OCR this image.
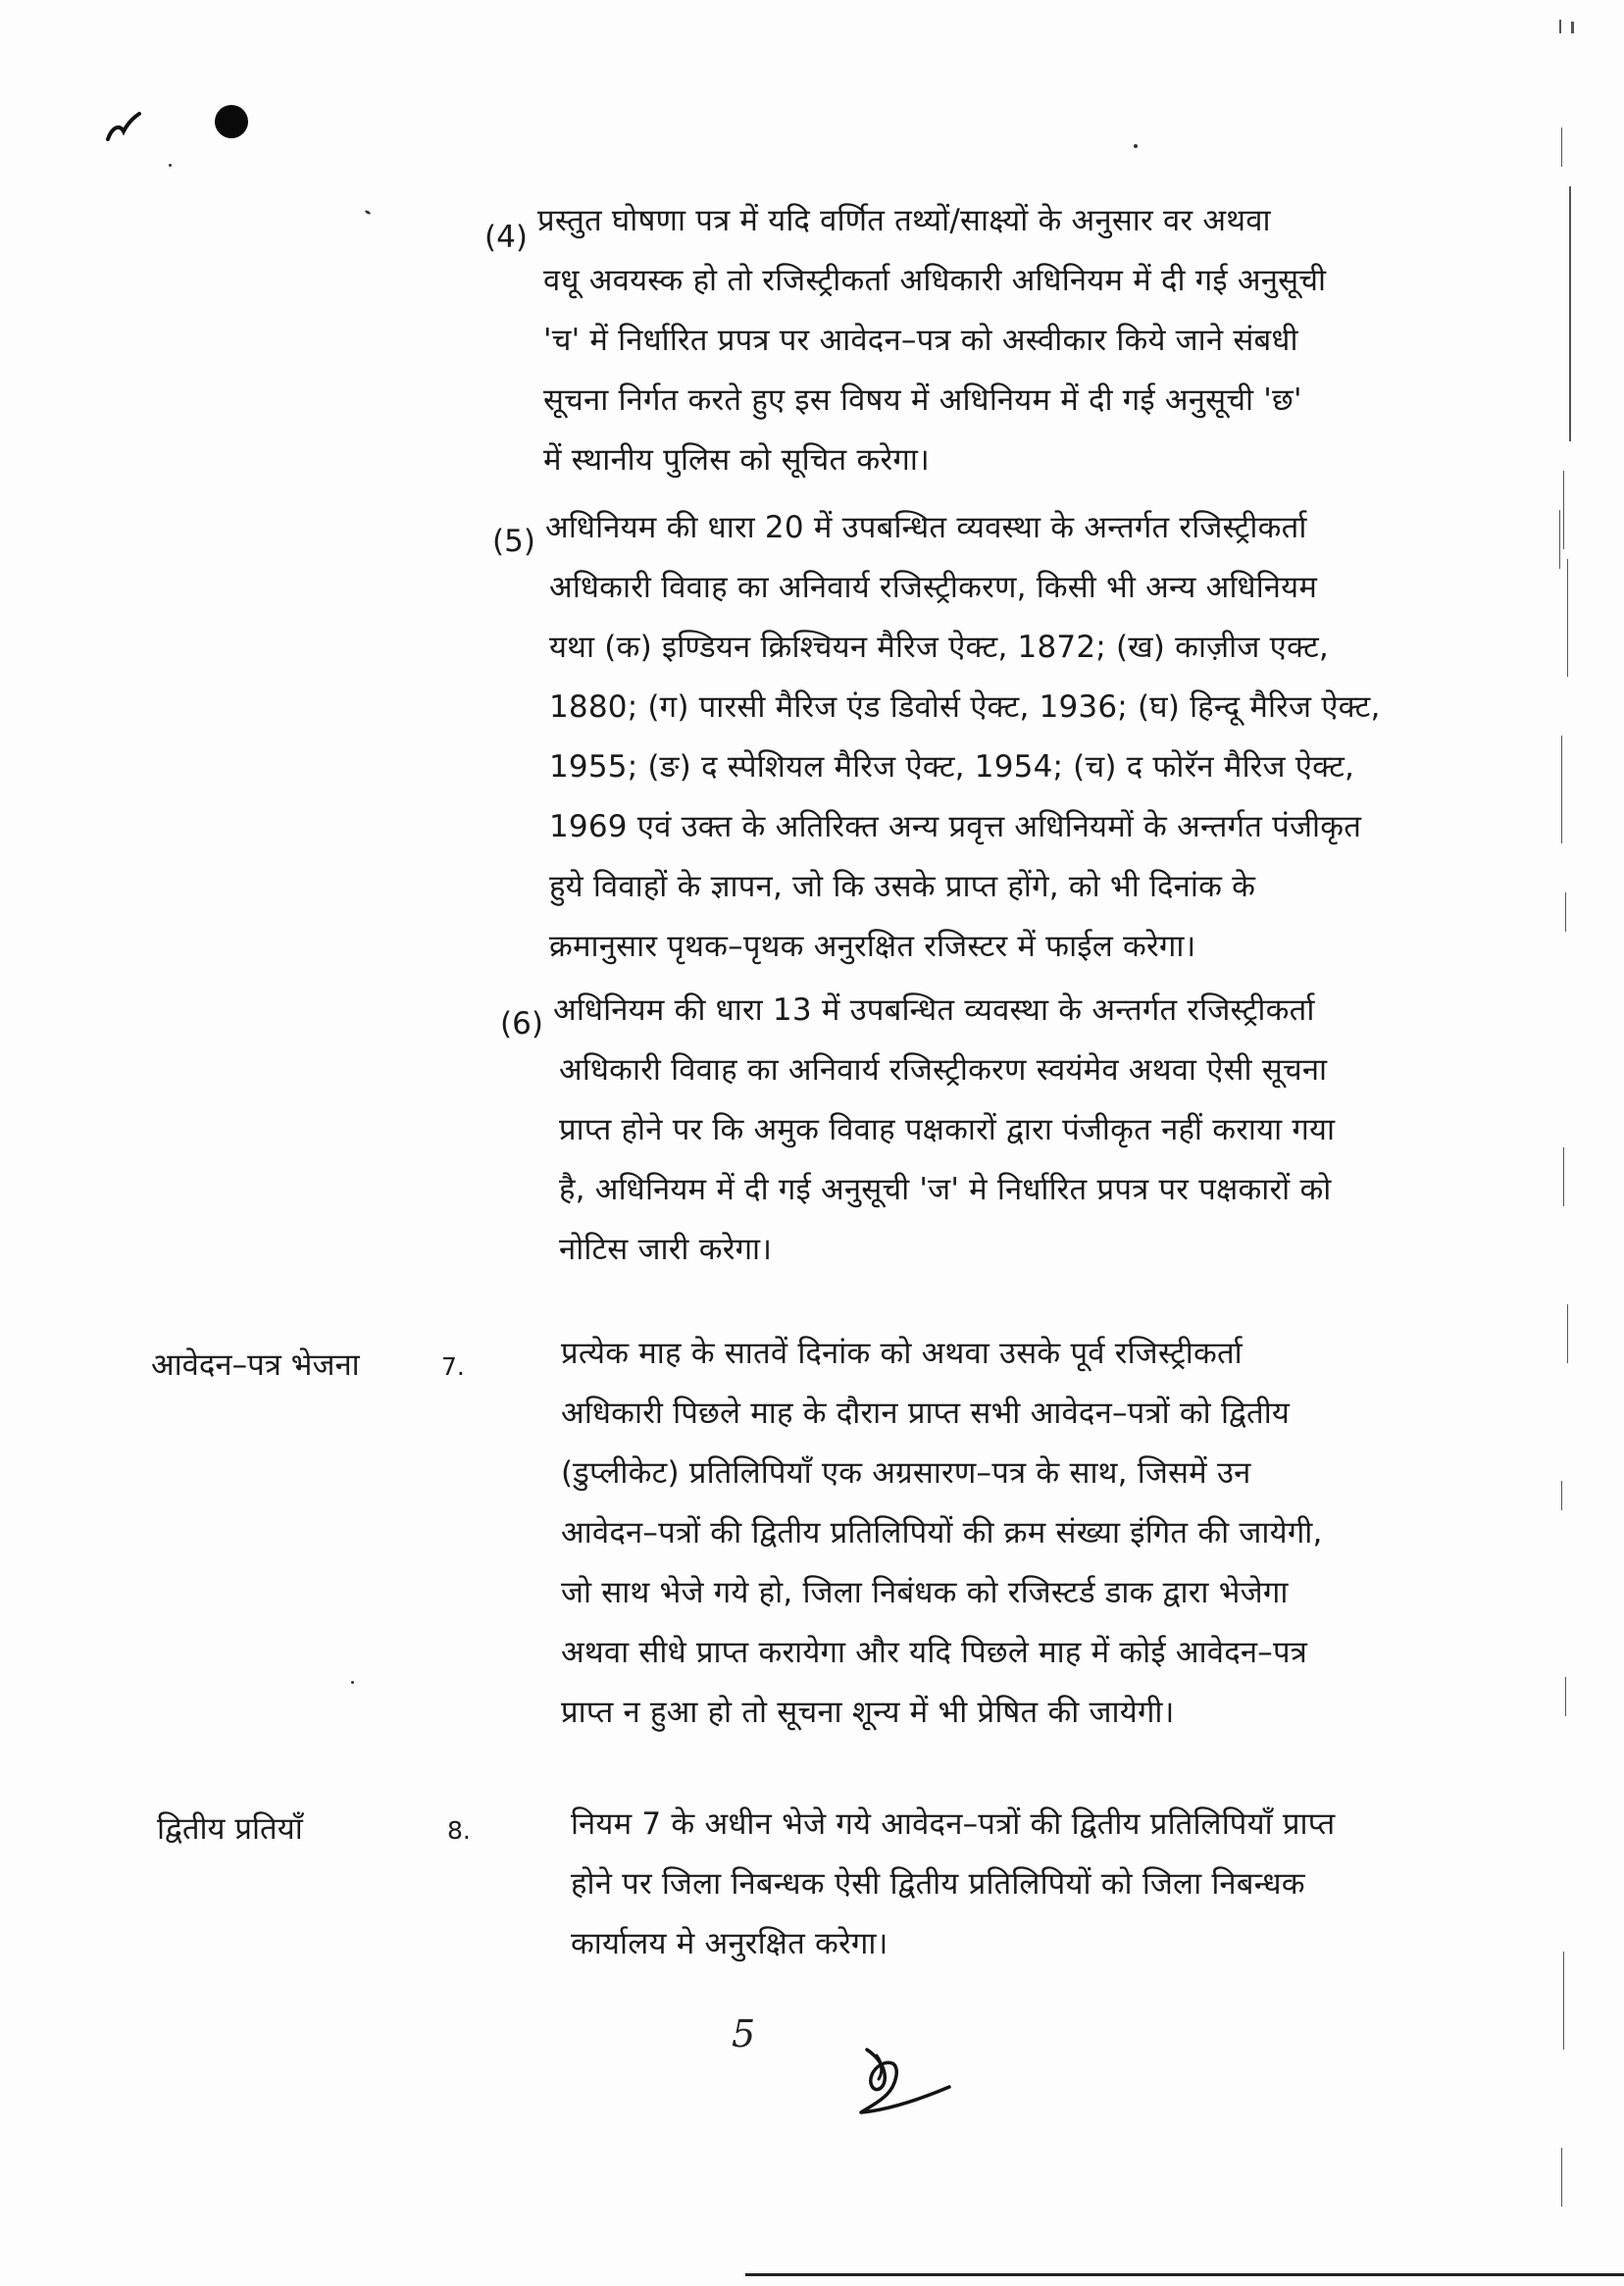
(4) प्रस्तुत घोषणा पत्र में यदि वर्णित तथ्यों/साक्ष्यों के अनुसार वर अथवा

वधू अवयस्क हो तो रजिस्ट्रीकर्ता अधिकारी अधिनियम में दी गई अनुसूची

'च' में निर्धारित प्रपत्र पर आवेदन–पत्र को अस्वीकार किये जाने संबधी

सूचना निर्गत करते हुए इस विषय में अधिनियम में दी गई अनुसूची 'छ'

में स्थानीय पुलिस को सूचित करेगा।

(5) अधिनियम की धारा 20 में उपबन्धित व्यवस्था के अन्तर्गत रजिस्ट्रीकर्ता

अधिकारी विवाह का अनिवार्य रजिस्ट्रीकरण, किसी भी अन्य अधिनियम

यथा (क) इण्डियन क्रिश्चियन मैरिज ऐक्ट, 1872; (ख) काज़ीज एक्ट,

1880; (ग) पारसी मैरिज एंड डिवोर्स ऐक्ट, 1936; (घ) हिन्दू मैरिज ऐक्ट,

1955; (ङ) द स्पेशियल मैरिज ऐक्ट, 1954; (च) द फोरॅन मैरिज ऐक्ट,

1969 एवं उक्त के अतिरिक्त अन्य प्रवृत्त अधिनियमों के अन्तर्गत पंजीकृत

हुये विवाहों के ज्ञापन, जो कि उसके प्राप्त होंगे, को भी दिनांक के

क्रमानुसार पृथक–पृथक अनुरक्षित रजिस्टर में फाईल करेगा।

(6) अधिनियम की धारा 13 में उपबन्धित व्यवस्था के अन्तर्गत रजिस्ट्रीकर्ता

अधिकारी विवाह का अनिवार्य रजिस्ट्रीकरण स्वयंमेव अथवा ऐसी सूचना

प्राप्त होने पर कि अमुक विवाह पक्षकारों द्वारा पंजीकृत नहीं कराया गया

है, अधिनियम में दी गई अनुसूची 'ज' मे निर्धारित प्रपत्र पर पक्षकारों को

नोटिस जारी करेगा।

आवेदन–पत्र भेजना	7.	प्रत्येक माह के सातवें दिनांक को अथवा उसके पूर्व रजिस्ट्रीकर्ता

अधिकारी पिछले माह के दौरान प्राप्त सभी आवेदन–पत्रों को द्वितीय

(डुप्लीकेट) प्रतिलिपियाँ एक अग्रसारण–पत्र के साथ, जिसमें उन

आवेदन–पत्रों की द्वितीय प्रतिलिपियों की क्रम संख्या इंगित की जायेगी,

जो साथ भेजे गये हो, जिला निबंधक को रजिस्टर्ड डाक द्वारा भेजेगा

अथवा सीधे प्राप्त करायेगा और यदि पिछले माह में कोई आवेदन–पत्र

प्राप्त न हुआ हो तो सूचना शून्य में भी प्रेषित की जायेगी।

द्वितीय प्रतियाँ	8.	नियम 7 के अधीन भेजे गये आवेदन–पत्रों की द्वितीय प्रतिलिपियाँ प्राप्त

होने पर जिला निबन्धक ऐसी द्वितीय प्रतिलिपियों को जिला निबन्धक

कार्यालय मे अनुरक्षित करेगा।

5
